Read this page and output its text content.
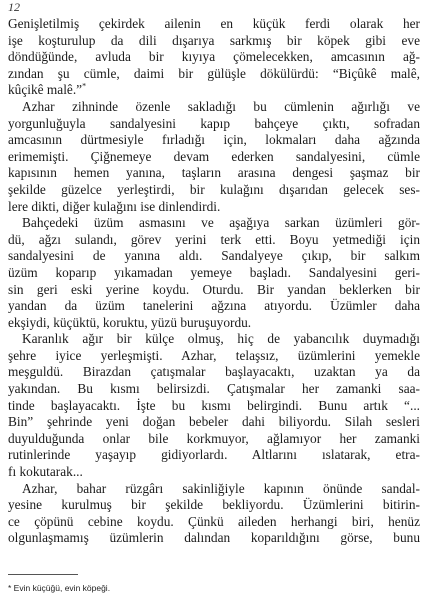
12
Genişletilmiş çekirdek ailenin en küçük ferdi olarak her
işe koşturulup da dili dışarıya sarkmış bir köpek gibi eve
döndüğünde, avluda bir kıyıya çömelecekken, amcasının ağ-
zından şu cümle, daimi bir gülüşle dökülürdü: “Biçûkê malê,
kûçikê malê.”*
Azhar zihninde özenle sakladığı bu cümlenin ağırlığı ve
yorgunluğuyla sandalyesini kapıp bahçeye çıktı, sofradan
amcasının dürtmesiyle fırladığı için, lokmaları daha ağzında
erimemişti. Çiğnemeye devam ederken sandalyesini, cümle
kapısının hemen yanına, taşların arasına dengesi şaşmaz bir
şekilde güzelce yerleştirdi, bir kulağını dışarıdan gelecek ses-
lere dikti, diğer kulağını ise dinlendirdi.
Bahçedeki üzüm asmasını ve aşağıya sarkan üzümleri gör-
dü, ağzı sulandı, görev yerini terk etti. Boyu yetmediği için
sandalyesini de yanına aldı. Sandalyeye çıkıp, bir salkım
üzüm koparıp yıkamadan yemeye başladı. Sandalyesini geri-
sin geri eski yerine koydu. Oturdu. Bir yandan beklerken bir
yandan da üzüm tanelerini ağzına atıyordu. Üzümler daha
ekşiydi, küçüktü, koruktu, yüzü buruşuyordu.
Karanlık ağır bir külçe olmuş, hiç de yabancılık duymadığı
şehre iyice yerleşmişti. Azhar, telaşsız, üzümlerini yemekle
meşguldü. Birazdan çatışmalar başlayacaktı, uzaktan ya da
yakından. Bu kısmı belirsizdi. Çatışmalar her zamanki saa-
tinde başlayacaktı. İşte bu kısmı belirgindi. Bunu artık “...
Bin” şehrinde yeni doğan bebeler dahi biliyordu. Silah sesleri
duyulduğunda onlar bile korkmuyor, ağlamıyor her zamanki
rutinlerinde yaşayıp gidiyorlardı. Altlarını ıslatarak, etra-
fı kokutarak...
Azhar, bahar rüzgârı sakinliğiyle kapının önünde sandal-
yesine kurulmuş bir şekilde bekliyordu. Üzümlerini bitirin-
ce çöpünü cebine koydu. Çünkü aileden herhangi biri, henüz
olgunlaşmamış üzümlerin dalından koparıldığını görse, bunu
* Evin küçüğü, evin köpeği.
